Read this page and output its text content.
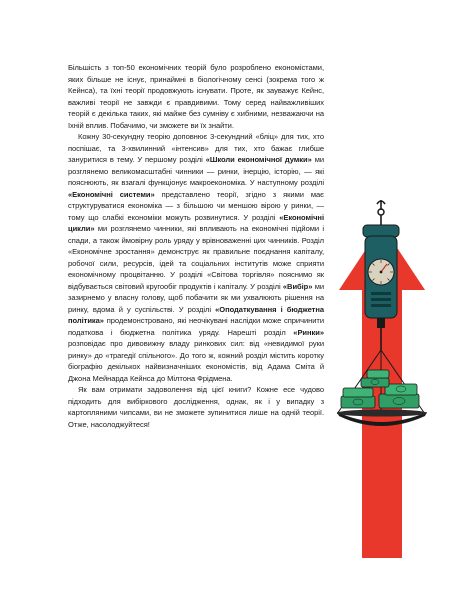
Більшість з топ-50 економічних теорій було розроблено економістами, яких більше не існує, принаймні в біологічному сенсі (зокрема того ж Кейнса), та їхні теорії продовжують існувати. Проте, як зауважує Кейнс, важливі теорії не завжди є правдивими. Тому серед найважливіших теорій є декілька таких, які майже без сумніву є хибними, незважаючи на їхній вплив. Побачимо, чи зможете ви їх знайти.

Кожну 30-секундну теорію доповнює 3-секундний «бліц» для тих, хто поспішає, та 3-хвилинний «інтенсив» для тих, хто бажає глибше зануритися в тему. У першому розділі «Школи економічної думки» ми розглянемо великомасштабні чинники — ринки, інерцію, історію, — які пояснюють, як взагалі функціонує макроекономіка. У наступному розділі «Економічні системи» представлено теорії, згідно з якими має структуруватися економіка — з більшою чи меншою вірою у ринки, — тому що слабкі економіки можуть розвинутися. У розділі «Економічні цикли» ми розглянемо чинники, які впливають на економічні підйоми і спади, а також ймовірну роль уряду у врівноваженні цих чинників. Розділ «Економічне зростання» демонструє як правильне поєднання капіталу, робочої сили, ресурсів, ідей та соціальних інститутів може сприяти економічному процвітанню. У розділі «Світова торгівля» пояснимо як відбувається світовий кругообіг продуктів і капіталу. У розділі «Вибір» ми зазирнемо у власну голову, щоб побачити як ми ухвалюють рішення на ринку, вдома й у суспільстві. У розділі «Оподаткування і бюджетна політика» продемонстровано, які неочікувані наслідки може спричинити податкова і бюджетна політика уряду. Нарешті розділ «Ринки» розповідає про дивовижну владу ринкових сил: від «невидимої руки ринку» до «трагедії спільного». До того ж, кожний розділ містить коротку біографію декількох найвизначніших економістів, від Адама Сміта й Джона Мейнарда Кейнса до Мілтона Фрідмена.

Як вам отримати задоволення від цієї книги? Кожне есе чудово підходить для вибіркового дослідження, однак, як і у випадку з картопляними чипсами, ви не зможете зупинитися лише на одній теорії. Отже, насолоджуйтеся!
